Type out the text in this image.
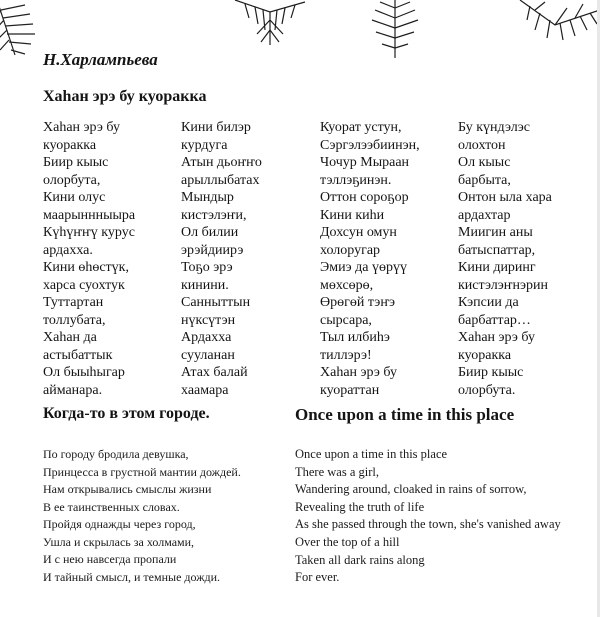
Н.Харлампьева
Хаһан эрэ бу куоракка
Хаһан эрэ бу
куоракка
Биир кыыс
олорбута,
Кини олус
маарыннныыра
Күһүҥҥү курус
ардахха.
Кини өһөстүк,
харса суохтук
Туттартан
толлубата,
Хаһан да
астыбаттык
Ол быыһыгар
айманара.
Кини билэр
курдуга
Атын дьоҥҥо
арыллыбатах
Мындыр
кистэлэҥи,
Ол билии
эрэйдиирэ
Тоҕо эрэ
кинини.
Санныттын
нүксүтэн
Ардахха
сууланан
Атах балай
хаамара
Куорат устун,
Сэргэлээбиинэн,
Чочур Мыраан
тэллэҕинэн.
Оттон сороҕор
Кини киһи
Дохсун омун
холоругар
Эмиэ да үөрүү
мөхсөрө,
Өрөгөй тэҥэ
сырсара,
Тыл илбиһэ
тиллэрэ!
Хаһан эрэ бу
куораттан
Бу күндэлэс
олохтон
Ол кыыс
барбыта,
Онтон ыла хара
ардахтар
Миигин аны
батыспаттар,
Кини диринг
кистэлэҥнэрин
Кэпсии да
барбаттар…
Хаһан эрэ бу
куоракка
Биир кыыс
олорбута.
Когда-то в этом городе.	Once upon a time in this place
По городу бродила девушка,
Принцесса в грустной мантии дождей.
Нам открывались смыслы жизни
В ее таинственных словах.
Пройдя однажды через город,
Ушла и скрылась за холмами,
И с нею навсегда пропали
И тайный смысл, и темные дожди.
Once upon a time in this place
There was a girl,
Wandering around, cloaked in rains of sorrow,
Revealing the truth of life
As she passed through the town, she's vanished away
Over the top of a hill
Taken all dark rains along
For ever.
